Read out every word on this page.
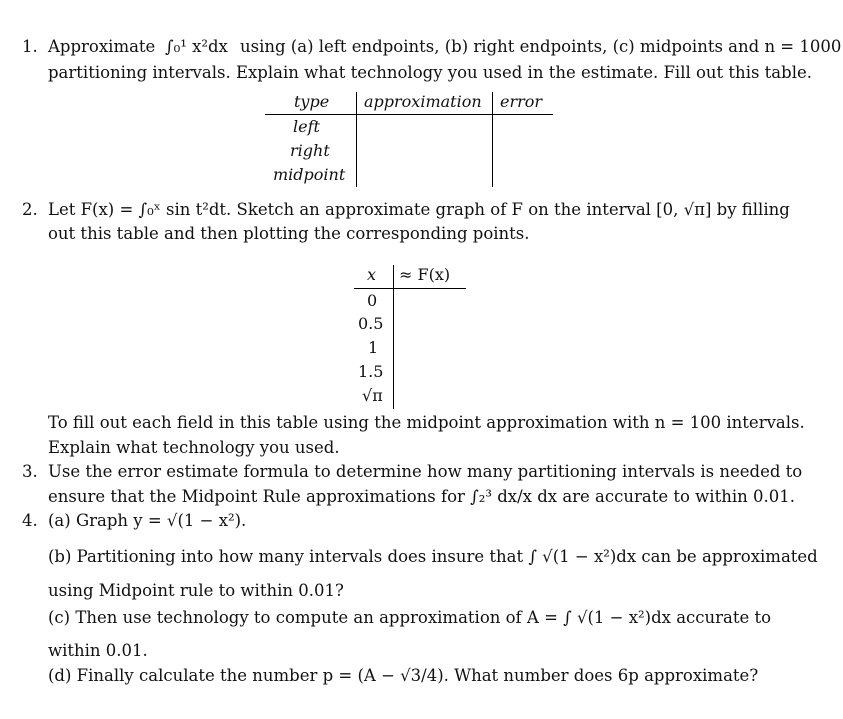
1. Approximate ∫₀¹ x²dx using (a) left endpoints, (b) right endpoints, (c) midpoints and n = 1000
partitioning intervals. Explain what technology you used in the estimate. Fill out this table.
type approximation error
left
right
midpoint
2. Let F(x) = ∫₀ˣ sin t²dt. Sketch an approximate graph of F on the interval [0, √π] by filling
out this table and then plotting the corresponding points.
x ≈ F(x)
0
0.5
1
1.5
√π
To fill out each field in this table using the midpoint approximation with n = 100 intervals.
Explain what technology you used.
3. Use the error estimate formula to determine how many partitioning intervals is needed to
ensure that the Midpoint Rule approximations for ∫₂³ dx/x dx are accurate to within 0.01.
4. (a) Graph y = √(1 − x²).
(b) Partitioning into how many intervals does insure that ∫ √(1 − x²)dx can be approximated
using Midpoint rule to within 0.01?
(c) Then use technology to compute an approximation of A = ∫ √(1 − x²)dx accurate to
within 0.01.
(d) Finally calculate the number p = (A − √3/4). What number does 6p approximate?
